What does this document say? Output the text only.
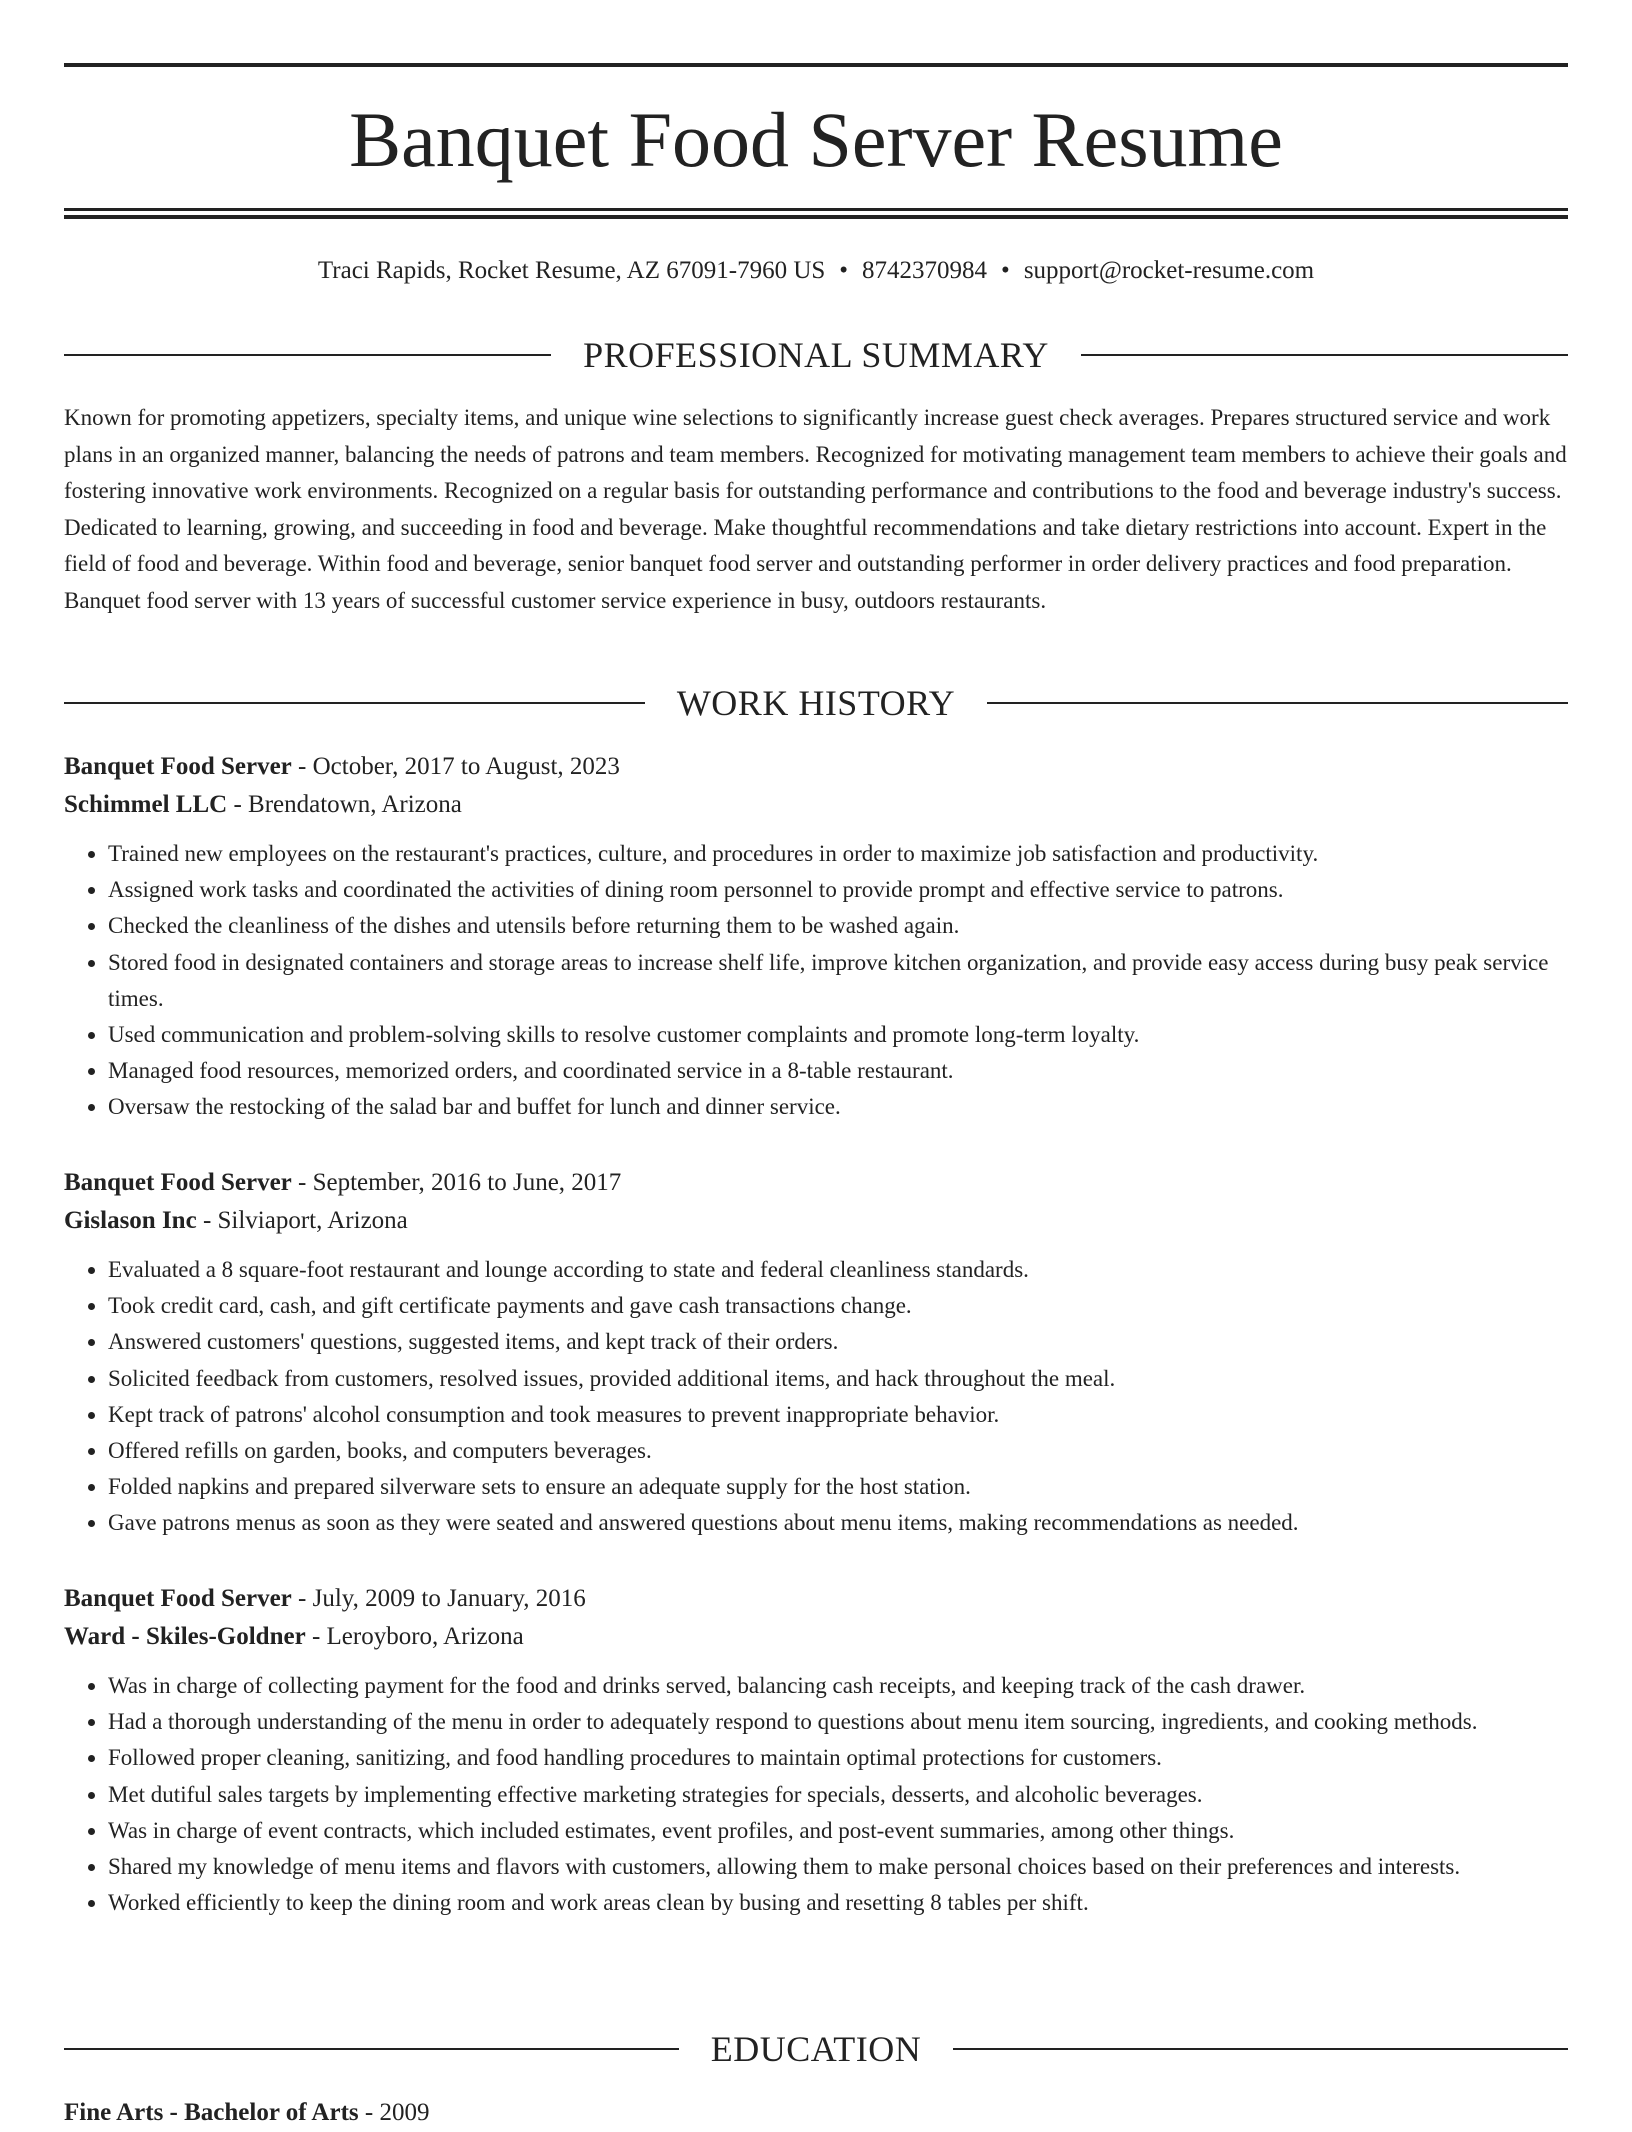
Banquet Food Server Resume
Traci Rapids, Rocket Resume, AZ 67091-7960 US • 8742370984 • support@rocket-resume.com
PROFESSIONAL SUMMARY

Known for promoting appetizers, specialty items, and unique wine selections to significantly increase guest check averages. Prepares structured service and work plans in an organized manner, balancing the needs of patrons and team members. Recognized for motivating management team members to achieve their goals and fostering innovative work environments. Recognized on a regular basis for outstanding performance and contributions to the food and beverage industry's success. Dedicated to learning, growing, and succeeding in food and beverage. Make thoughtful recommendations and take dietary restrictions into account. Expert in the field of food and beverage. Within food and beverage, senior banquet food server and outstanding performer in order delivery practices and food preparation. Banquet food server with 13 years of successful customer service experience in busy, outdoors restaurants.

WORK HISTORY

Banquet Food Server - October, 2017 to August, 2023

Schimmel LLC - Brendatown, Arizona

• Trained new employees on the restaurant's practices, culture, and procedures in order to maximize job satisfaction and productivity.
• Assigned work tasks and coordinated the activities of dining room personnel to provide prompt and effective service to patrons.
• Checked the cleanliness of the dishes and utensils before returning them to be washed again.
• Stored food in designated containers and storage areas to increase shelf life, improve kitchen organization, and provide easy access during busy peak service times.
• Used communication and problem-solving skills to resolve customer complaints and promote long-term loyalty.
• Managed food resources, memorized orders, and coordinated service in a 8-table restaurant.
• Oversaw the restocking of the salad bar and buffet for lunch and dinner service.

Banquet Food Server - September, 2016 to June, 2017

Gislason Inc - Silviaport, Arizona

• Evaluated a 8 square-foot restaurant and lounge according to state and federal cleanliness standards.
• Took credit card, cash, and gift certificate payments and gave cash transactions change.
• Answered customers' questions, suggested items, and kept track of their orders.
• Solicited feedback from customers, resolved issues, provided additional items, and hack throughout the meal.
• Kept track of patrons' alcohol consumption and took measures to prevent inappropriate behavior.
• Offered refills on garden, books, and computers beverages.
• Folded napkins and prepared silverware sets to ensure an adequate supply for the host station.
• Gave patrons menus as soon as they were seated and answered questions about menu items, making recommendations as needed.

Banquet Food Server - July, 2009 to January, 2016

Ward - Skiles-Goldner - Leroyboro, Arizona

• Was in charge of collecting payment for the food and drinks served, balancing cash receipts, and keeping track of the cash drawer.
• Had a thorough understanding of the menu in order to adequately respond to questions about menu item sourcing, ingredients, and cooking methods.
• Followed proper cleaning, sanitizing, and food handling procedures to maintain optimal protections for customers.
• Met dutiful sales targets by implementing effective marketing strategies for specials, desserts, and alcoholic beverages.
• Was in charge of event contracts, which included estimates, event profiles, and post-event summaries, among other things.
• Shared my knowledge of menu items and flavors with customers, allowing them to make personal choices based on their preferences and interests.
• Worked efficiently to keep the dining room and work areas clean by busing and resetting 8 tables per shift.
EDUCATION
Fine Arts - Bachelor of Arts - 2009
